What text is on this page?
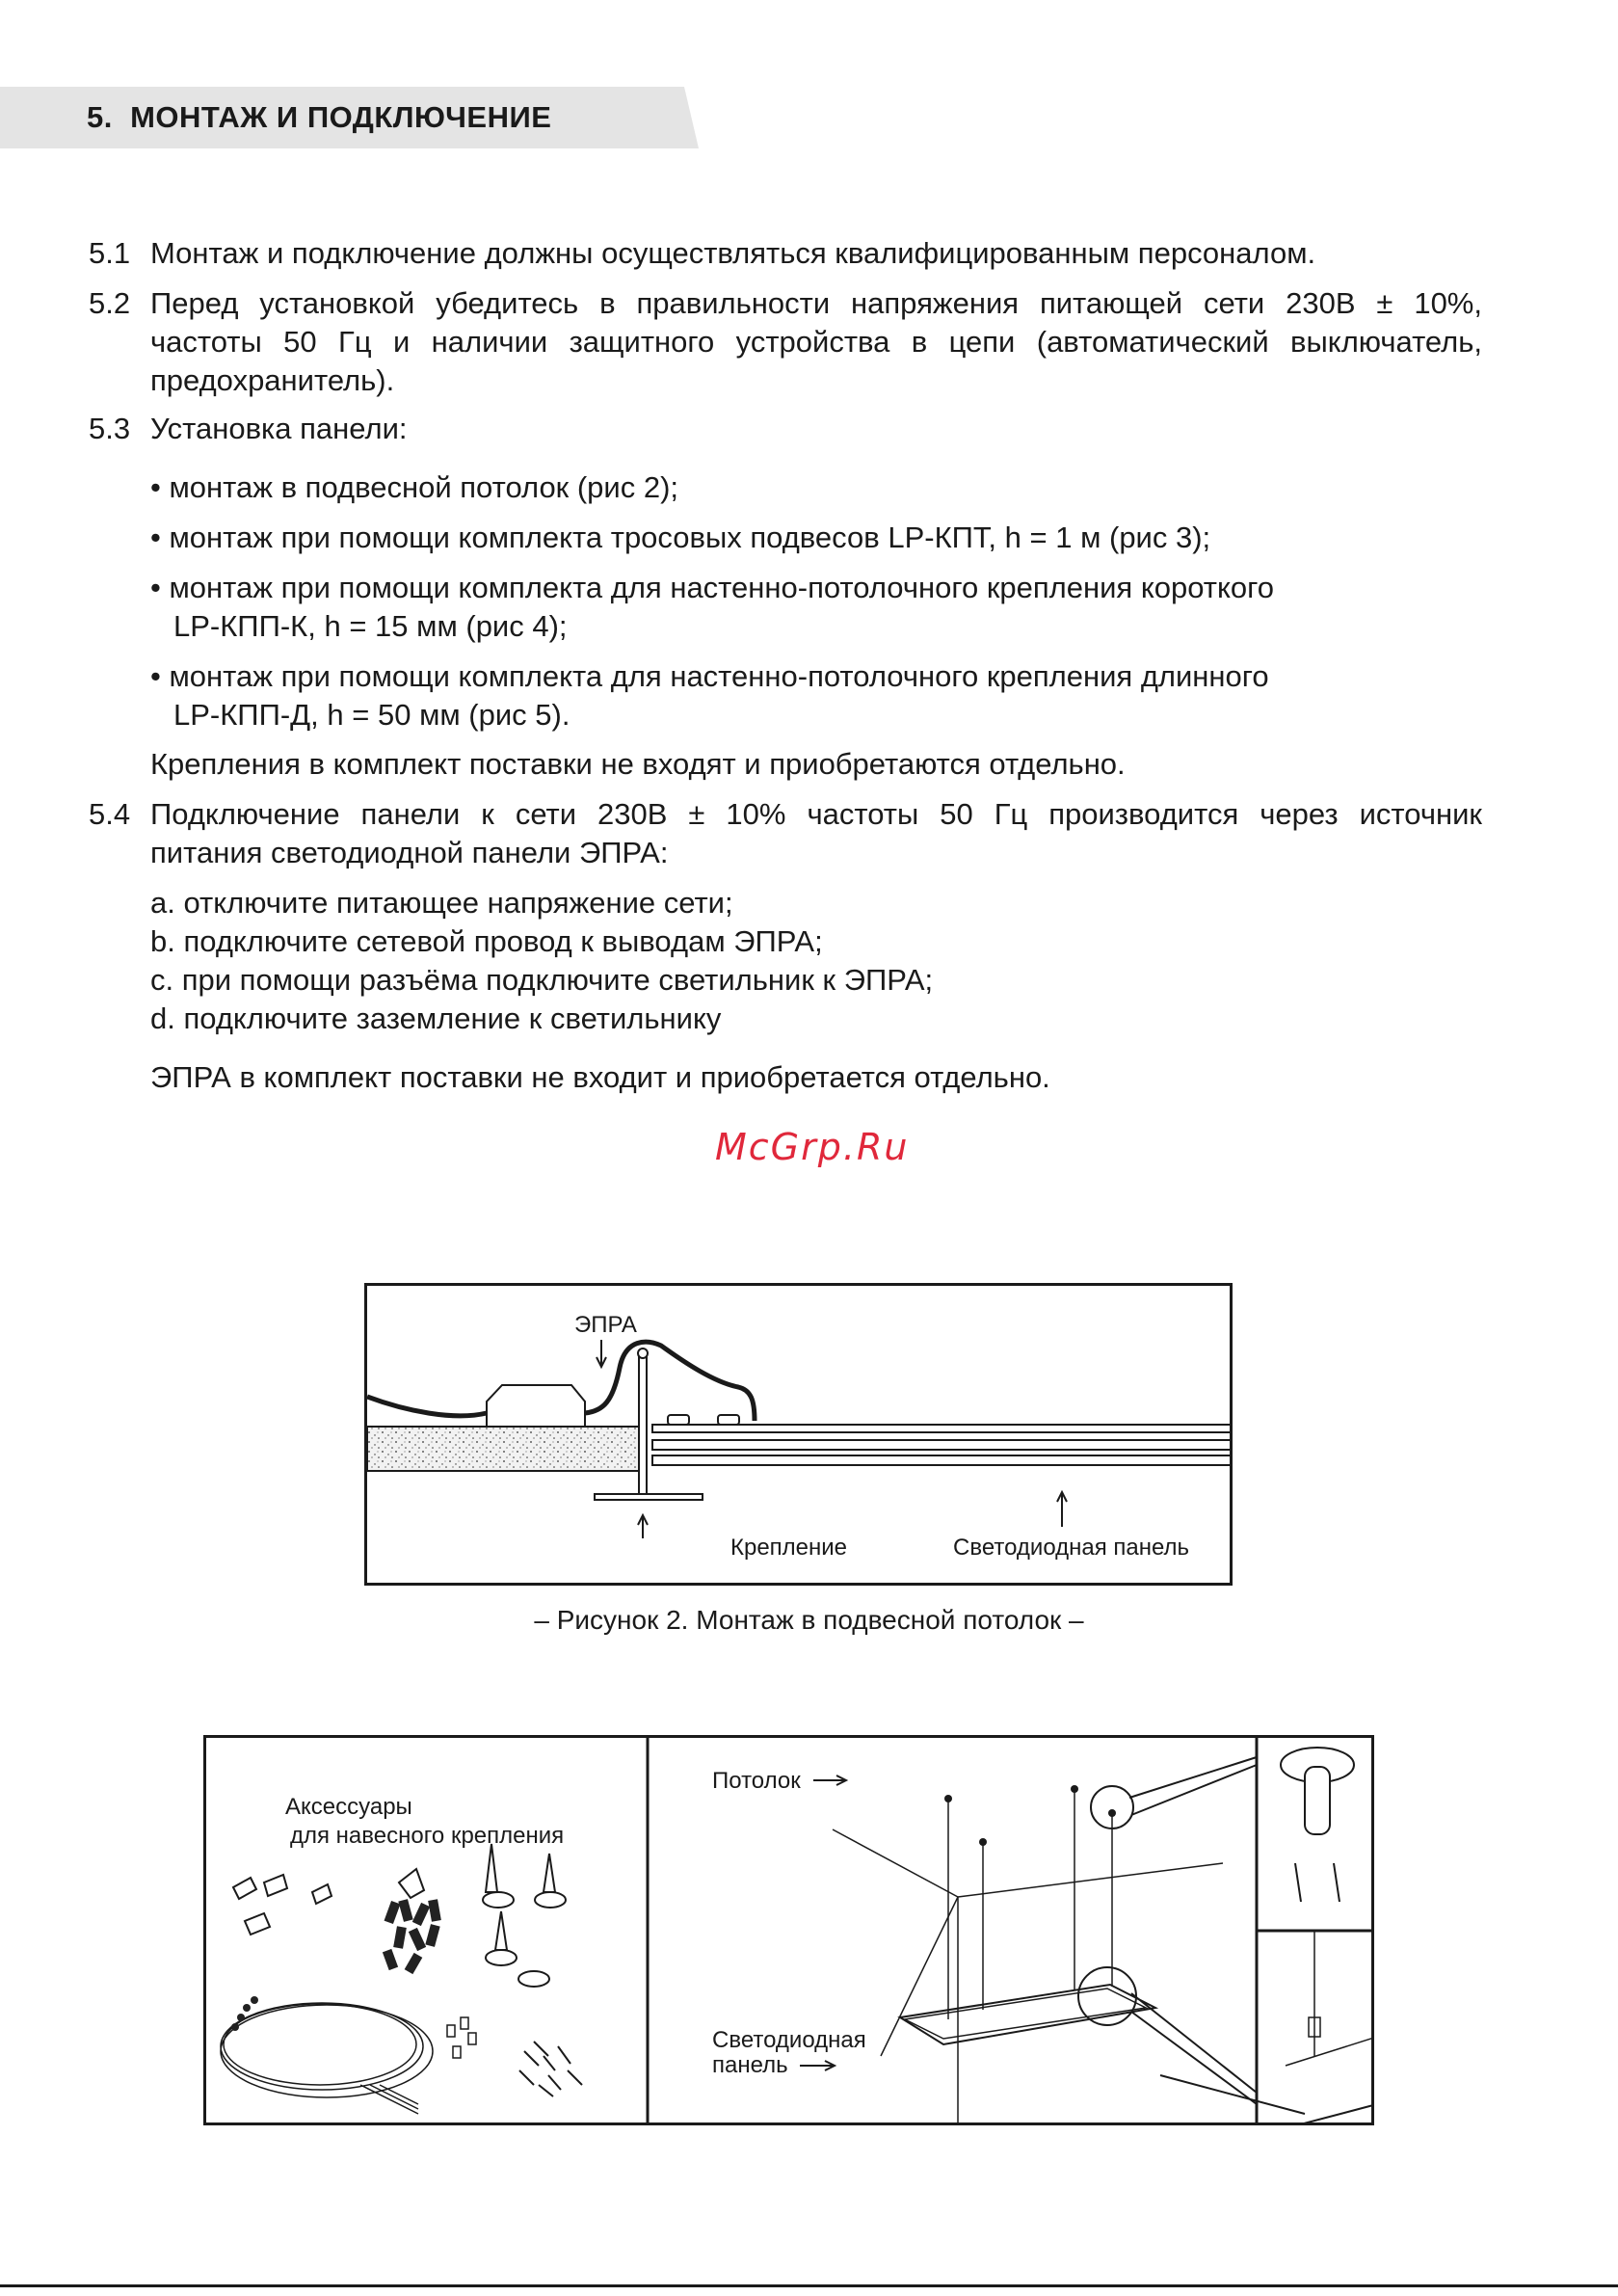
5. МОНТАЖ И ПОДКЛЮЧЕНИЕ
5.1 Монтаж и подключение должны осуществляться квалифицированным персоналом.
5.2 Перед установкой убедитесь в правильности напряжения питающей сети 230В ± 10%,
частоты 50 Гц и наличии защитного устройства в цепи (автоматический выключатель,
предохранитель).
5.3 Установка панели:
• монтаж в подвесной потолок (рис 2);
• монтаж при помощи комплекта тросовых подвесов LP-КПТ, h = 1 м (рис 3);
• монтаж при помощи комплекта для настенно-потолочного крепления короткого
LP-КПП-К, h = 15 мм (рис 4);
• монтаж при помощи комплекта для настенно-потолочного крепления длинного
LP-КПП-Д, h = 50 мм (рис 5).
Крепления в комплект поставки не входят и приобретаются отдельно.
5.4 Подключение панели к сети 230В ± 10% частоты 50 Гц производится через источник
питания светодиодной панели ЭПРА:
a. отключите питающее напряжение сети;
b. подключите сетевой провод к выводам ЭПРА;
c. при помощи разъёма подключите светильник к ЭПРА;
d. подключите заземление к светильнику
ЭПРА в комплект поставки не входит и приобретается отдельно.
McGrp.Ru
ЭПРА
Крепление	Светодиодная панель
– Рисунок 2. Монтаж в подвесной потолок –
Аксессуары
для навесного крепления
Потолок
Светодиодная
панель
